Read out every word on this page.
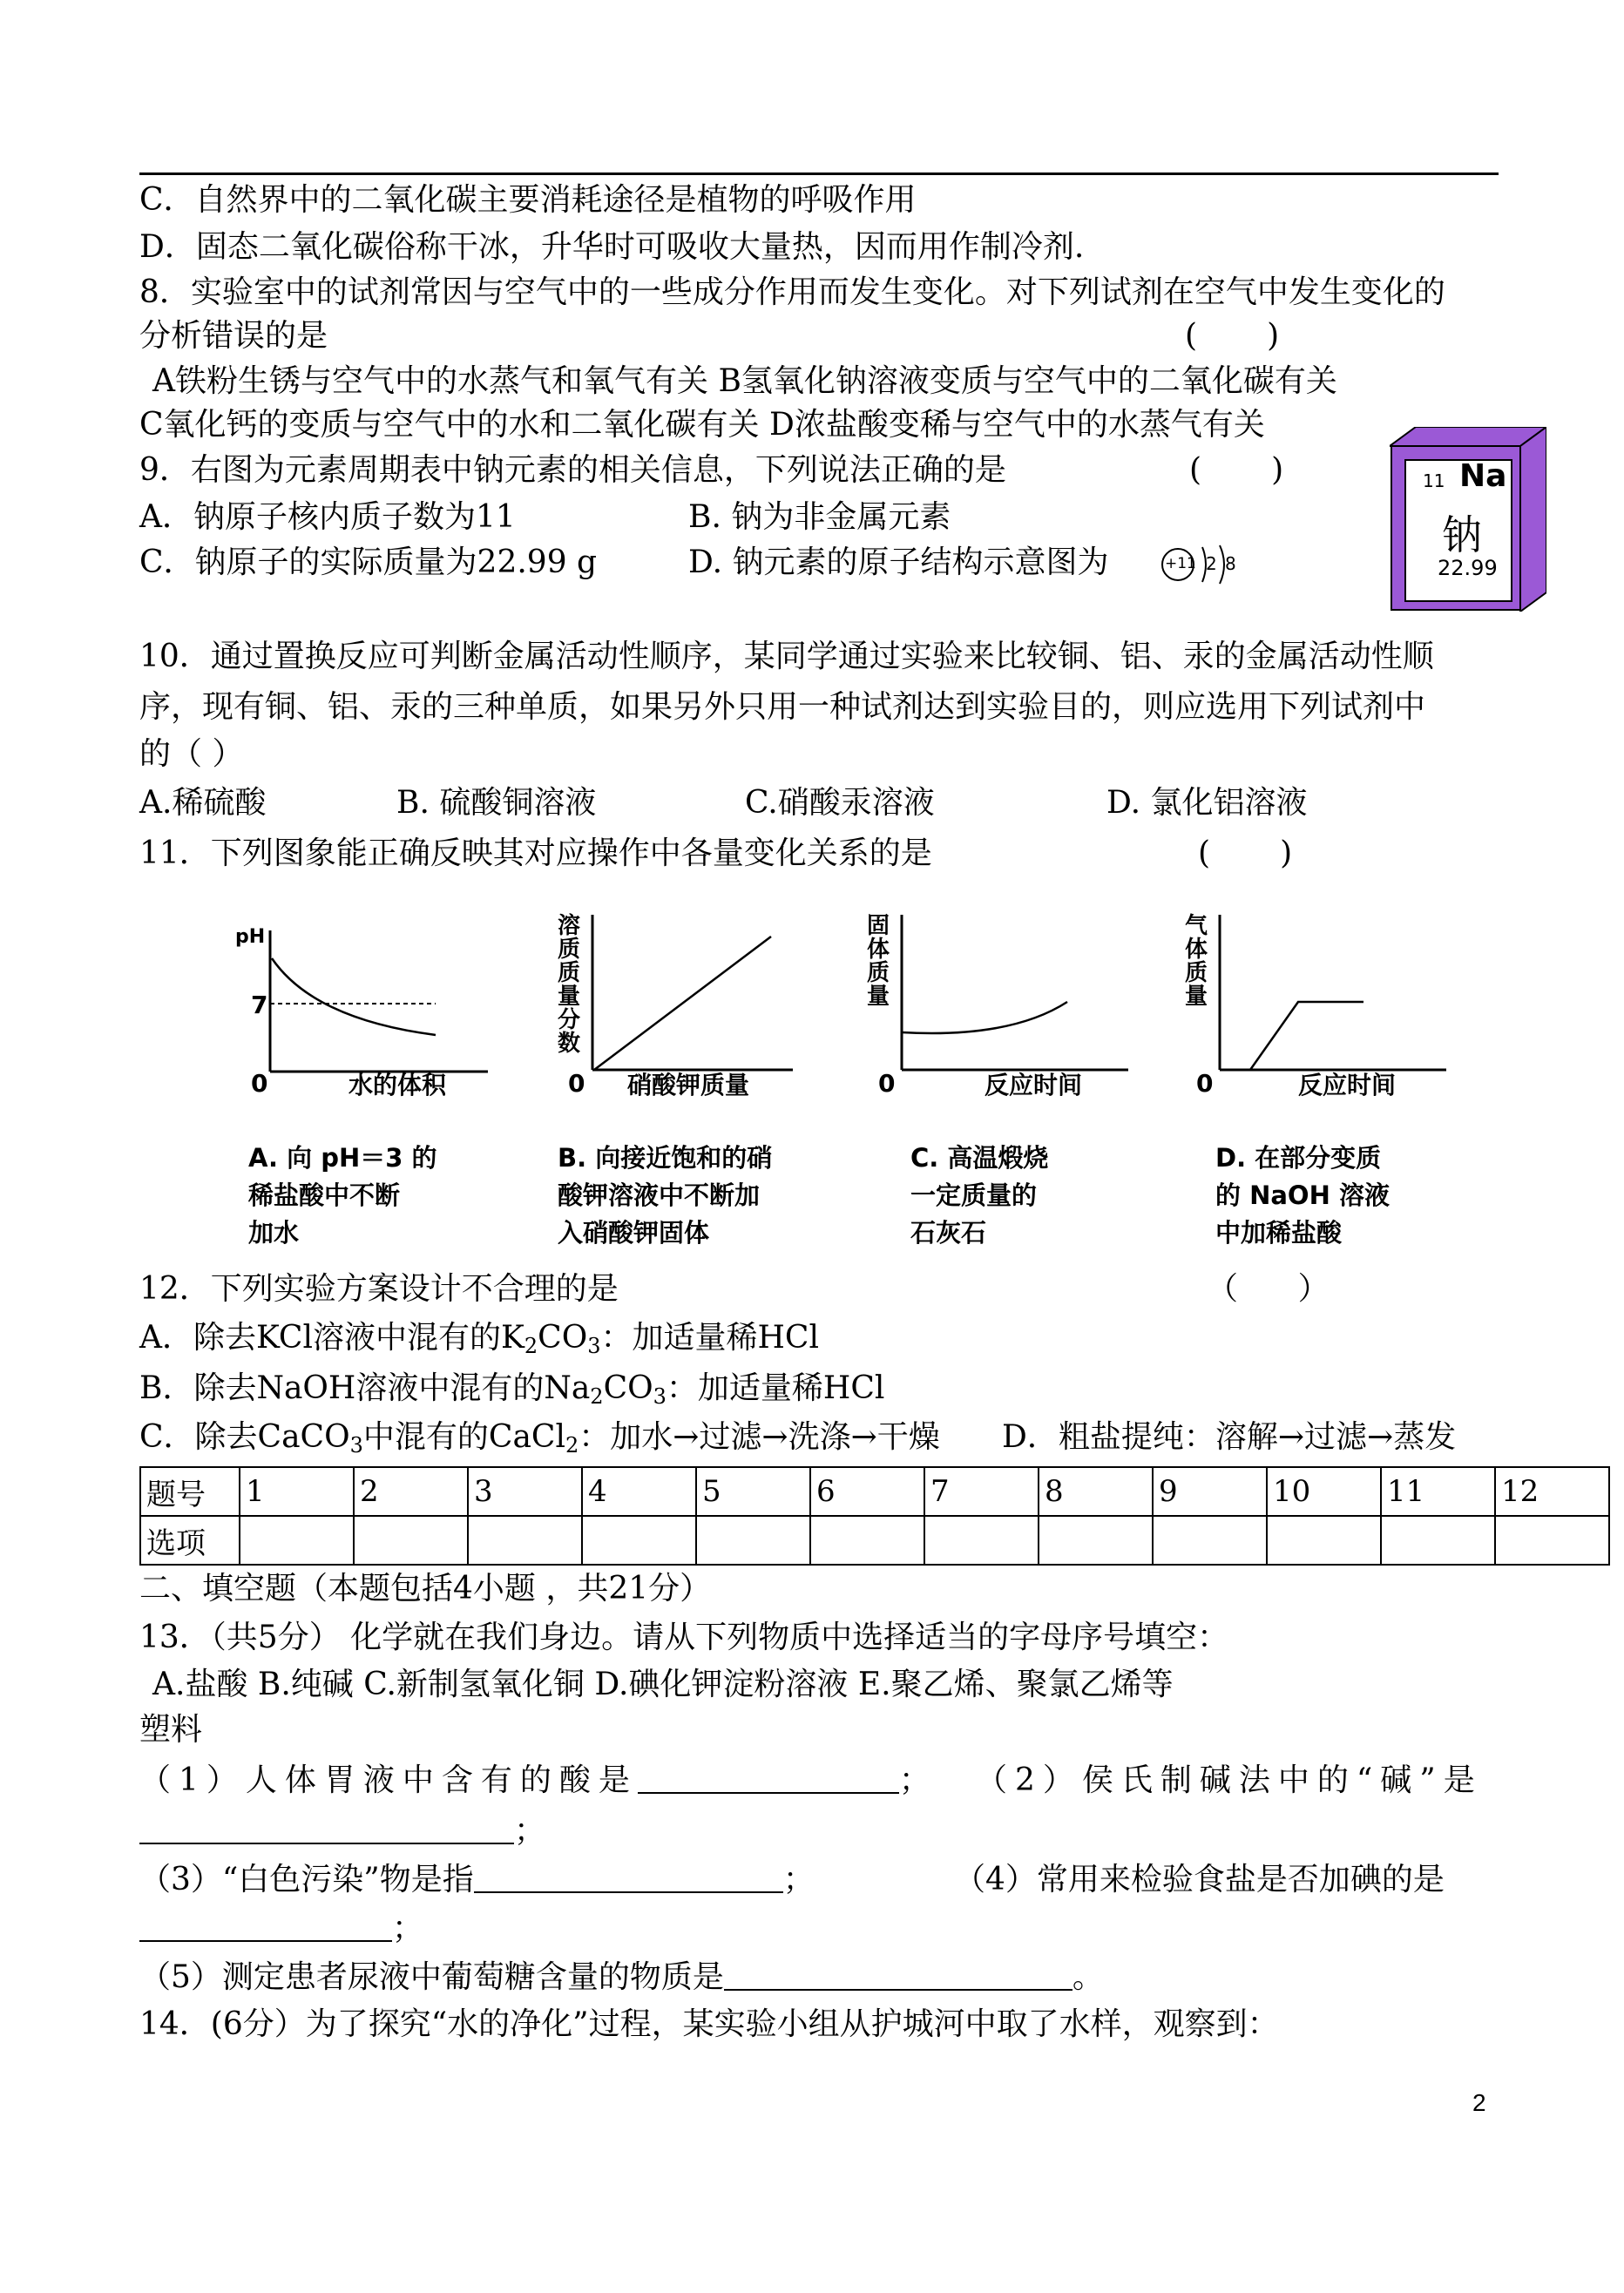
C．自然界中的二氧化碳主要消耗途径是植物的呼吸作用
D．固态二氧化碳俗称干冰，升华时可吸收大量热，因而用作制冷剂.
8．实验室中的试剂常因与空气中的一些成分作用而发生变化。对下列试剂在空气中发生变化的
分析错误的是	(       )
A铁粉生锈与空气中的水蒸气和氧气有关 B氢氧化钠溶液变质与空气中的二氧化碳有关
C氧化钙的变质与空气中的水和二氧化碳有关 D浓盐酸变稀与空气中的水蒸气有关
9．右图为元素周期表中钠元素的相关信息，下列说法正确的是	(       )
A．钠原子核内质子数为11	B. 钠为非金属元素
C．钠原子的实际质量为22.99 g	D. 钠元素的原子结构示意图为	+11 2 8
11 Na
钠
22.99
10．通过置换反应可判断金属活动性顺序，某同学通过实验来比较铜、铝、汞的金属活动性顺
序，现有铜、铝、汞的三种单质，如果另外只用一种试剂达到实验目的，则应选用下列试剂中
的（ ）
A.稀硫酸	B. 硫酸铜溶液	C.硝酸汞溶液	D. 氯化铝溶液
11．下列图象能正确反映其对应操作中各量变化关系的是	(       )
pH
7
0	水的体积
A. 向 pH＝3 的
稀盐酸中不断
加水
溶
质
质
量
分
数
0 硝酸钾质量
B. 向接近饱和的硝
酸钾溶液中不断加
入硝酸钾固体
固
体
质
量
0	反应时间
C. 高温煅烧
一定质量的
石灰石
气
体
质
量
0	反应时间
D. 在部分变质
的 NaOH 溶液
中加稀盐酸
12．下列实验方案设计不合理的是	（      ）
A．除去KCl溶液中混有的$K_2CO_3$：加适量稀HCl
B．除去NaOH溶液中混有的$Na_2CO_3$：加适量稀HCl
C．除去CaCO$_3$中混有的CaCl$_2$：加水→过滤→洗涤→干燥 D．粗盐提纯：溶解→过滤→蒸发
题号	1	2	3	4	5	6	7	8	9	10	11	12
选项												
二、填空题（本题包括4小题 ，共21分）
13．（共5分） 化学就在我们身边。请从下列物质中选择适当的字母序号填空：
A.盐酸 B.纯碱 C.新制氢氧化铜 D.碘化钾淀粉溶液 E.聚乙烯、聚氯乙烯等
塑料
（1）人体胃液中含有的酸是	； （2）侯氏制碱法中的“碱”是
；
（3）“白色污染”物是指	；	（4）常用来检验食盐是否加碘的是
；
（5）测定患者尿液中葡萄糖含量的物质是	。
14．(6分）为了探究“水的净化”过程，某实验小组从护城河中取了水样，观察到：
2
